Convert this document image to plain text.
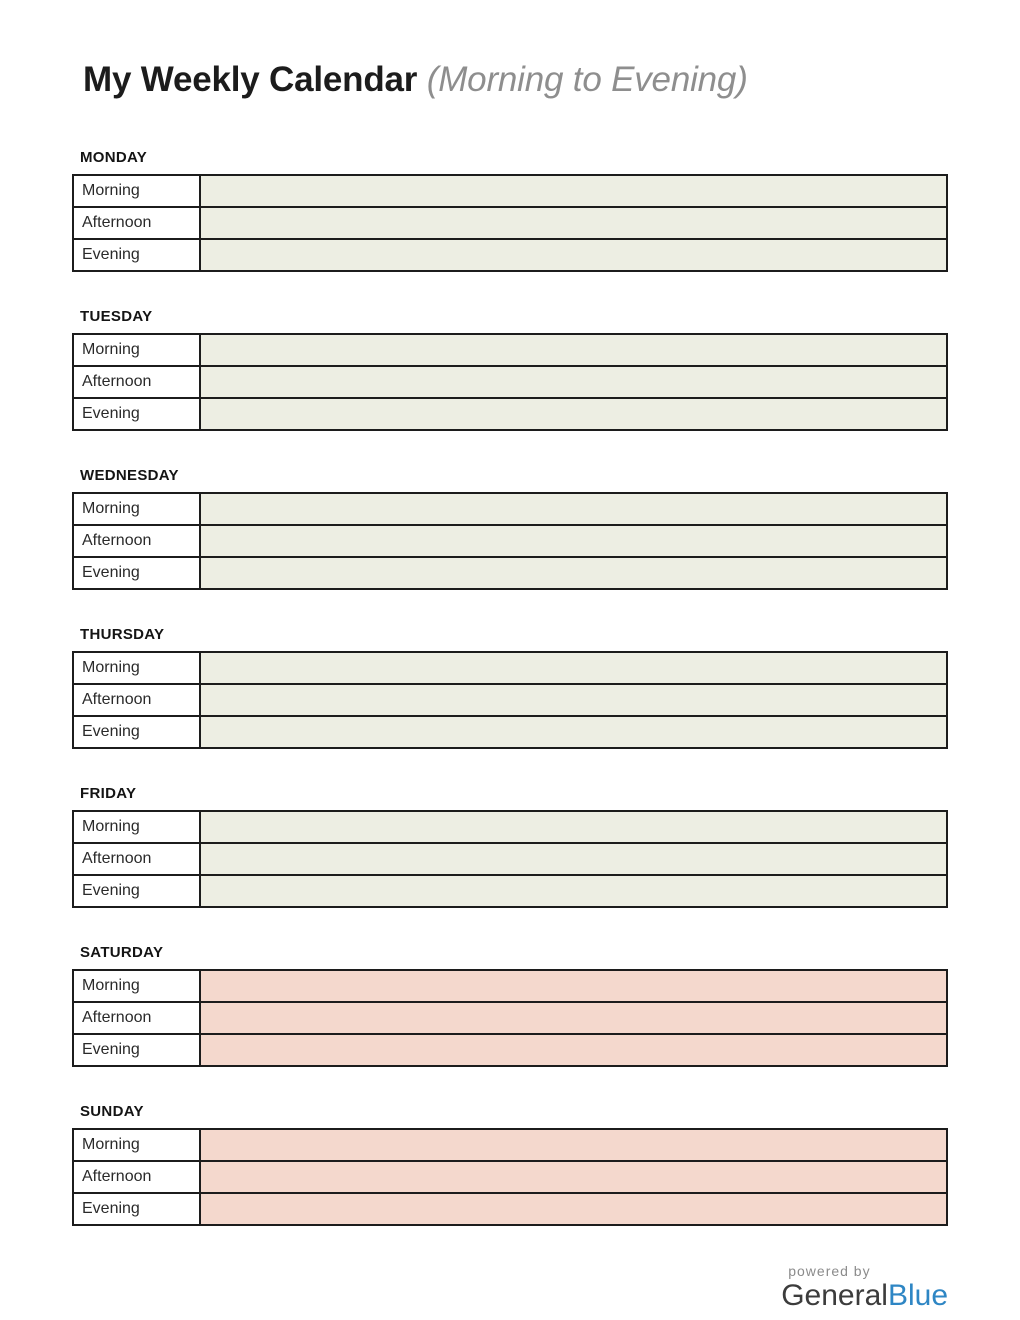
My Weekly Calendar (Morning to Evening)
MONDAY
Morning	
Afternoon	
Evening	
TUESDAY
Morning	
Afternoon	
Evening	
WEDNESDAY
Morning	
Afternoon	
Evening	
THURSDAY
Morning	
Afternoon	
Evening	
FRIDAY
Morning	
Afternoon	
Evening	
SATURDAY
Morning	
Afternoon	
Evening	
SUNDAY
Morning	
Afternoon	
Evening	
powered by
GeneralBlue
